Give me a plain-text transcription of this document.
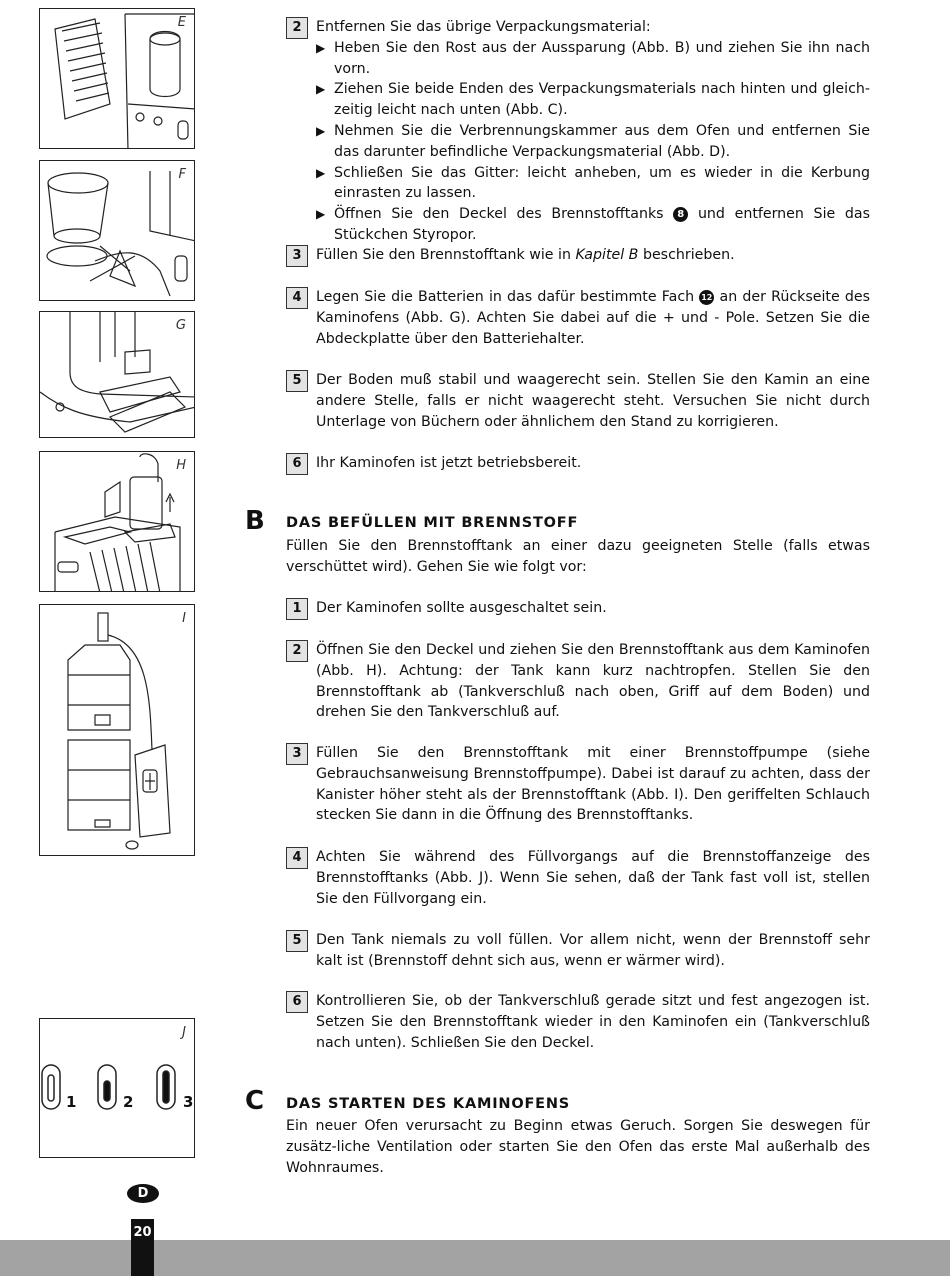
E
F
G
H
I
1	2	3
J
2	Entfernen Sie das übrige Verpackungsmaterial:
▶ Heben Sie den Rost aus der Aussparung (Abb. B) und ziehen Sie ihn nach vorn.
▶ Ziehen Sie beide Enden des Verpackungsmaterials nach hinten und gleich-zeitig leicht nach unten (Abb. C).
▶ Nehmen Sie die Verbrennungskammer aus dem Ofen und entfernen Sie das darunter befindliche Verpackungsmaterial (Abb. D).
▶ Schließen Sie das Gitter: leicht anheben, um es wieder in die Kerbung einrasten zu lassen.
▶ Öffnen Sie den Deckel des Brennstofftanks 8 und entfernen Sie das Stückchen Styropor.
3	Füllen Sie den Brennstofftank wie in Kapitel B beschrieben.
4	Legen Sie die Batterien in das dafür bestimmte Fach 12 an der Rückseite des Kaminofens (Abb. G). Achten Sie dabei auf die + und - Pole. Setzen Sie die Abdeckplatte über den Batteriehalter.
5	Der Boden muß stabil und waagerecht sein. Stellen Sie den Kamin an eine andere Stelle, falls er nicht waagerecht steht. Versuchen Sie nicht durch Unterlage von Büchern oder ähnlichem den Stand zu korrigieren.
6	Ihr Kaminofen ist jetzt betriebsbereit.
B DAS BEFÜLLEN MIT BRENNSTOFF
Füllen Sie den Brennstofftank an einer dazu geeigneten Stelle (falls etwas verschüttet wird). Gehen Sie wie folgt vor:
1	Der Kaminofen sollte ausgeschaltet sein.
2	Öffnen Sie den Deckel und ziehen Sie den Brennstofftank aus dem Kaminofen (Abb. H). Achtung: der Tank kann kurz nachtropfen. Stellen Sie den Brennstofftank ab (Tankverschluß nach oben, Griff auf dem Boden) und drehen Sie den Tankverschluß auf.
3	Füllen Sie den Brennstofftank mit einer Brennstoffpumpe (siehe Gebrauchsanweisung Brennstoffpumpe). Dabei ist darauf zu achten, dass der Kanister höher steht als der Brennstofftank (Abb. I). Den geriffelten Schlauch stecken Sie dann in die Öffnung des Brennstofftanks.
4	Achten Sie während des Füllvorgangs auf die Brennstoffanzeige des Brennstofftanks (Abb. J). Wenn Sie sehen, daß der Tank fast voll ist, stellen Sie den Füllvorgang ein.
5	Den Tank niemals zu voll füllen. Vor allem nicht, wenn der Brennstoff sehr kalt ist (Brennstoff dehnt sich aus, wenn er wärmer wird).
6	Kontrollieren Sie, ob der Tankverschluß gerade sitzt und fest angezogen ist. Setzen Sie den Brennstofftank wieder in den Kaminofen ein (Tankverschluß nach unten). Schließen Sie den Deckel.
C DAS STARTEN DES KAMINOFENS
Ein neuer Ofen verursacht zu Beginn etwas Geruch. Sorgen Sie deswegen für zusätz-liche Ventilation oder starten Sie den Ofen das erste Mal außerhalb des Wohnraumes.
D
20
